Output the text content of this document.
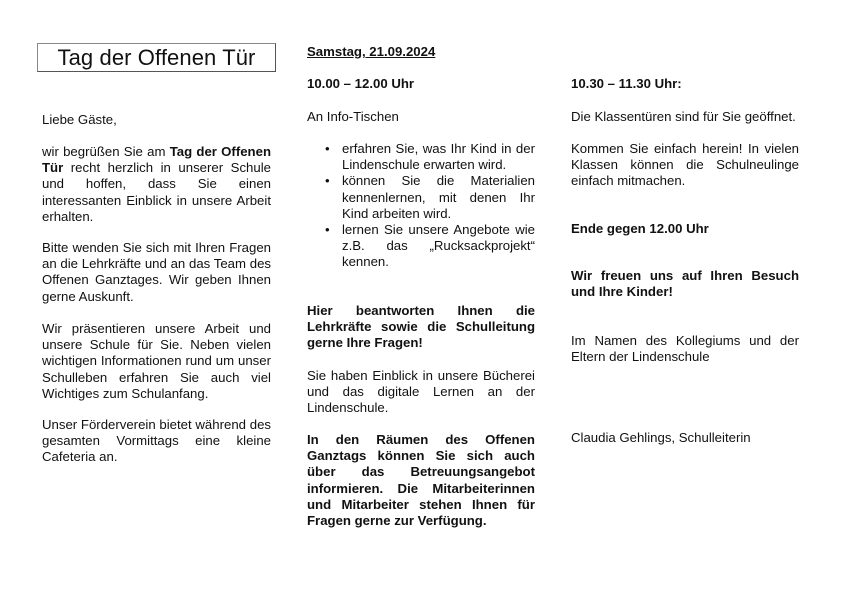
Tag der Offenen Tür

Liebe Gäste,

wir begrüßen Sie am Tag der Offenen Tür recht herzlich in unserer Schule und hoffen, dass Sie einen interessanten Einblick in unsere Arbeit erhalten.

Bitte wenden Sie sich mit Ihren Fragen an die Lehrkräfte und an das Team des Offenen Ganztages. Wir geben Ihnen gerne Auskunft.

Wir präsentieren unsere Arbeit und unsere Schule für Sie. Neben vielen wichtigen Informationen rund um unser Schulleben erfahren Sie auch viel Wichtiges zum Schulanfang.

Unser Förderverein bietet während des gesamten Vormittags eine kleine Cafeteria an.

Samstag, 21.09.2024

10.00 – 12.00 Uhr

An Info-Tischen

• erfahren Sie, was Ihr Kind in der Lindenschule erwarten wird.
• können Sie die Materialien kennenlernen, mit denen Ihr Kind arbeiten wird.
• lernen Sie unsere Angebote wie z.B. das „Rucksackprojekt“ kennen.

Hier beantworten Ihnen die Lehrkräfte sowie die Schulleitung gerne Ihre Fragen!

Sie haben Einblick in unsere Bücherei und das digitale Lernen an der Lindenschule.

In den Räumen des Offenen Ganztags können Sie sich auch über das Betreuungsangebot informieren. Die Mitarbeiterinnen und Mitarbeiter stehen Ihnen für Fragen gerne zur Verfügung.

10.30 – 11.30 Uhr:

Die Klassentüren sind für Sie geöffnet.

Kommen Sie einfach herein! In vielen Klassen können die Schulneulinge einfach mitmachen.

Ende gegen 12.00 Uhr

Wir freuen uns auf Ihren Besuch und Ihre Kinder!

Im Namen des Kollegiums und der Eltern der Lindenschule

Claudia Gehlings, Schulleiterin
